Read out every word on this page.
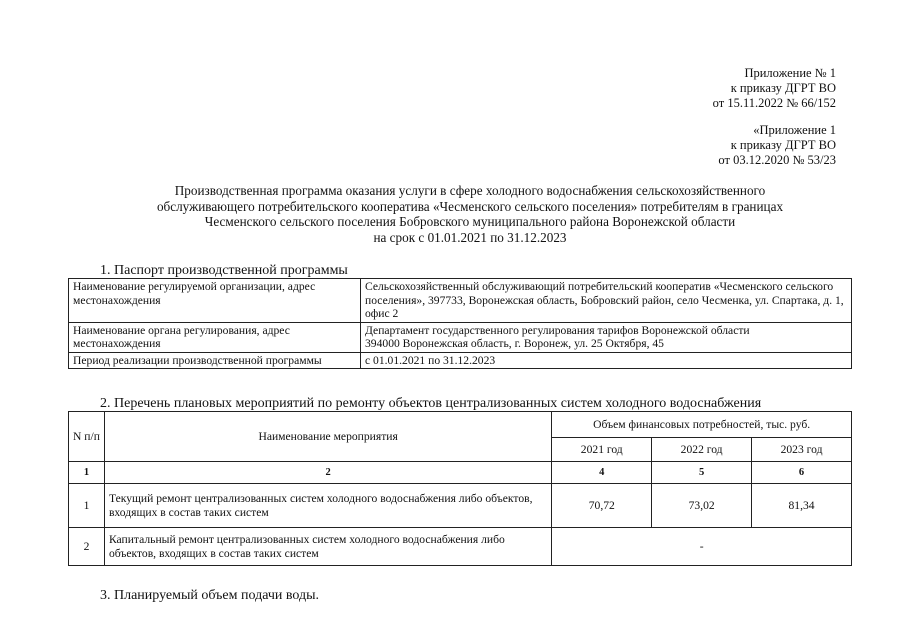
Приложение № 1
к приказу ДГРТ ВО
от 15.11.2022 № 66/152
«Приложение 1
к приказу ДГРТ ВО
от 03.12.2020 № 53/23
Производственная программа оказания услуги в сфере холодного водоснабжения сельскохозяйственного
обслуживающего потребительского кооператива «Чесменского сельского поселения» потребителям в границах
Чесменского сельского поселения Бобровского муниципального района Воронежской области
на срок с 01.01.2021 по 31.12.2023
1. Паспорт производственной программы
Наименование регулируемой организации, адрес местонахождения	Сельскохозяйственный обслуживающий потребительский кооператив «Чесменского сельского поселения», 397733, Воронежская область, Бобровский район, село Чесменка, ул. Спартака, д. 1, офис 2
Наименование органа регулирования, адрес местонахождения	Департамент государственного регулирования тарифов Воронежской области
394000 Воронежская область, г. Воронеж, ул. 25 Октября, 45

Период реализации производственной программы	с 01.01.2021 по 31.12.2023
2. Перечень плановых мероприятий по ремонту объектов централизованных систем холодного водоснабжения
N п/п	Наименование мероприятия	Объем финансовых потребностей, тыс. руб.		
		2021 год	2022 год	2023 год
1	2	4	5	6
1	Текущий ремонт централизованных систем холодного водоснабжения либо объектов, входящих в состав таких систем	70,72	73,02	81,34
2	Капитальный ремонт централизованных систем холодного водоснабжения либо объектов, входящих в состав таких систем	-		
3. Планируемый объем подачи воды.
